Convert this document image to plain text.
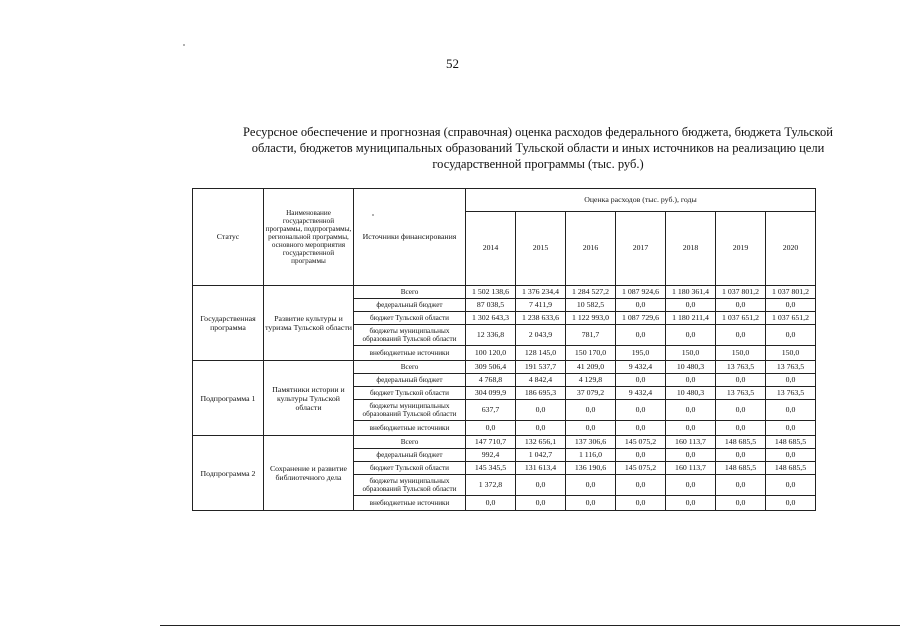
52
Ресурсное обеспечение и прогнозная (справочная) оценка расходов федерального бюджета, бюджета Тульской
области, бюджетов муниципальных образований Тульской области и иных источников на реализацию цели
государственной программы (тыс. руб.)
Статус	Наименование государственной программы, подпрограммы, региональной программы, основного мероприятия государственной программы	Источники финансирования	Оценка расходов (тыс. руб.), годы						
			2014	2015	2016	2017	2018	2019	2020
Государственная программа	Развитие культуры и туризма Тульской области	Всего	1 502 138,6	1 376 234,4	1 284 527,2	1 087 924,6	1 180 361,4	1 037 801,2	1 037 801,2
		федеральный бюджет	87 038,5	7 411,9	10 582,5	0,0	0,0	0,0	0,0
		бюджет Тульской области	1 302 643,3	1 238 633,6	1 122 993,0	1 087 729,6	1 180 211,4	1 037 651,2	1 037 651,2
		бюджеты муниципальных образований Тульской области	12 336,8	2 043,9	781,7	0,0	0,0	0,0	0,0
		внебюджетные источники	100 120,0	128 145,0	150 170,0	195,0	150,0	150,0	150,0
Подпрограмма 1	Памятники истории и культуры Тульской области	Всего	309 506,4	191 537,7	41 209,0	9 432,4	10 480,3	13 763,5	13 763,5
		федеральный бюджет	4 768,8	4 842,4	4 129,8	0,0	0,0	0,0	0,0
		бюджет Тульской области	304 099,9	186 695,3	37 079,2	9 432,4	10 480,3	13 763,5	13 763,5
		бюджеты муниципальных образований Тульской области	637,7	0,0	0,0	0,0	0,0	0,0	0,0
		внебюджетные источники	0,0	0,0	0,0	0,0	0,0	0,0	0,0
Подпрограмма 2	Сохранение и развитие библиотечного дела	Всего	147 710,7	132 656,1	137 306,6	145 075,2	160 113,7	148 685,5	148 685,5
		федеральный бюджет	992,4	1 042,7	1 116,0	0,0	0,0	0,0	0,0
		бюджет Тульской области	145 345,5	131 613,4	136 190,6	145 075,2	160 113,7	148 685,5	148 685,5
		бюджеты муниципальных образований Тульской области	1 372,8	0,0	0,0	0,0	0,0	0,0	0,0
		внебюджетные источники	0,0	0,0	0,0	0,0	0,0	0,0	0,0
